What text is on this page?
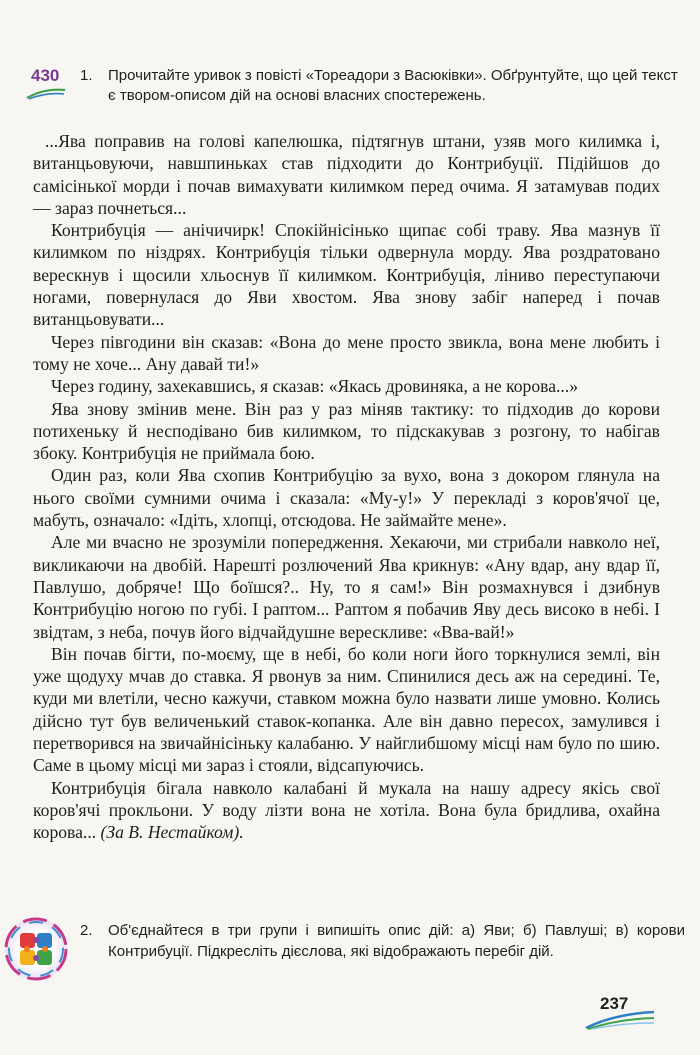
430 1. Прочитайте уривок з повісті «Тореадори з Васюківки». Обґрунтуйте, що цей текст є твором-описом дій на основі власних спостережень.

...Ява поправив на голові капелюшка, підтягнув штани, узяв мого килимка і, витанцьовуючи, навшпиньках став підходити до Контрибуції. Підійшов до самісінької морди і почав вимахувати килимком перед очима. Я затамував подих — зараз почнеться...

Контрибуція — анічичирк! Спокійнісінько щипає собі траву. Ява мазнув її килимком по ніздрях. Контрибуція тільки одвернула морду. Ява роздратовано верескнув і щосили хльоснув її килимком. Контрибуція, ліниво переступаючи ногами, повернулася до Яви хвостом. Ява знову забіг наперед і почав витанцьовувати...

Через півгодини він сказав: «Вона до мене просто звикла, вона мене любить і тому не хоче... Ану давай ти!»

Через годину, захекавшись, я сказав: «Якась дровиняка, а не корова...»

Ява знову змінив мене. Він раз у раз міняв тактику: то підходив до корови потихеньку й несподівано бив килимком, то підскакував з розгону, то набігав збоку. Контрибуція не приймала бою.

Один раз, коли Ява схопив Контрибуцію за вухо, вона з докором глянула на нього своїми сумними очима і сказала: «Му-у!» У перекладі з коров'ячої це, мабуть, означало: «Ідіть, хлопці, отсюдова. Не займайте мене».

Але ми вчасно не зрозуміли попередження. Хекаючи, ми стрибали навколо неї, викликаючи на двобій. Нарешті розлючений Ява крикнув: «Ану вдар, ану вдар її, Павлушо, добряче! Що боїшся?.. Ну, то я сам!» Він розмахнувся і дзибнув Контрибуцію ногою по губі. І раптом... Раптом я побачив Яву десь високо в небі. І звідтам, з неба, почув його відчайдушне верескливе: «Вва-вай!»

Він почав бігти, по-моєму, ще в небі, бо коли ноги його торкнулися землі, він уже щодуху мчав до ставка. Я рвонув за ним. Спинилися десь аж на середині. Те, куди ми влетіли, чесно кажучи, ставком можна було назвати лише умовно. Колись дійсно тут був величенький ставок-копанка. Але він давно пересох, замулився і перетворився на звичайнісіньку калабаню. У найглибшому місці нам було по шию. Саме в цьому місці ми зараз і стояли, відсапуючись.

Контрибуція бігала навколо калабані й мукала на нашу адресу якісь свої коров'ячі прокльони. У воду лізти вона не хотіла. Вона була бридлива, охайна корова... (За В. Нестайком).

2. Об'єднайтеся в три групи і випишіть опис дій: а) Яви; б) Павлуші; в) корови Контрибуції. Підкресліть дієслова, які відображають перебіг дій.
237
